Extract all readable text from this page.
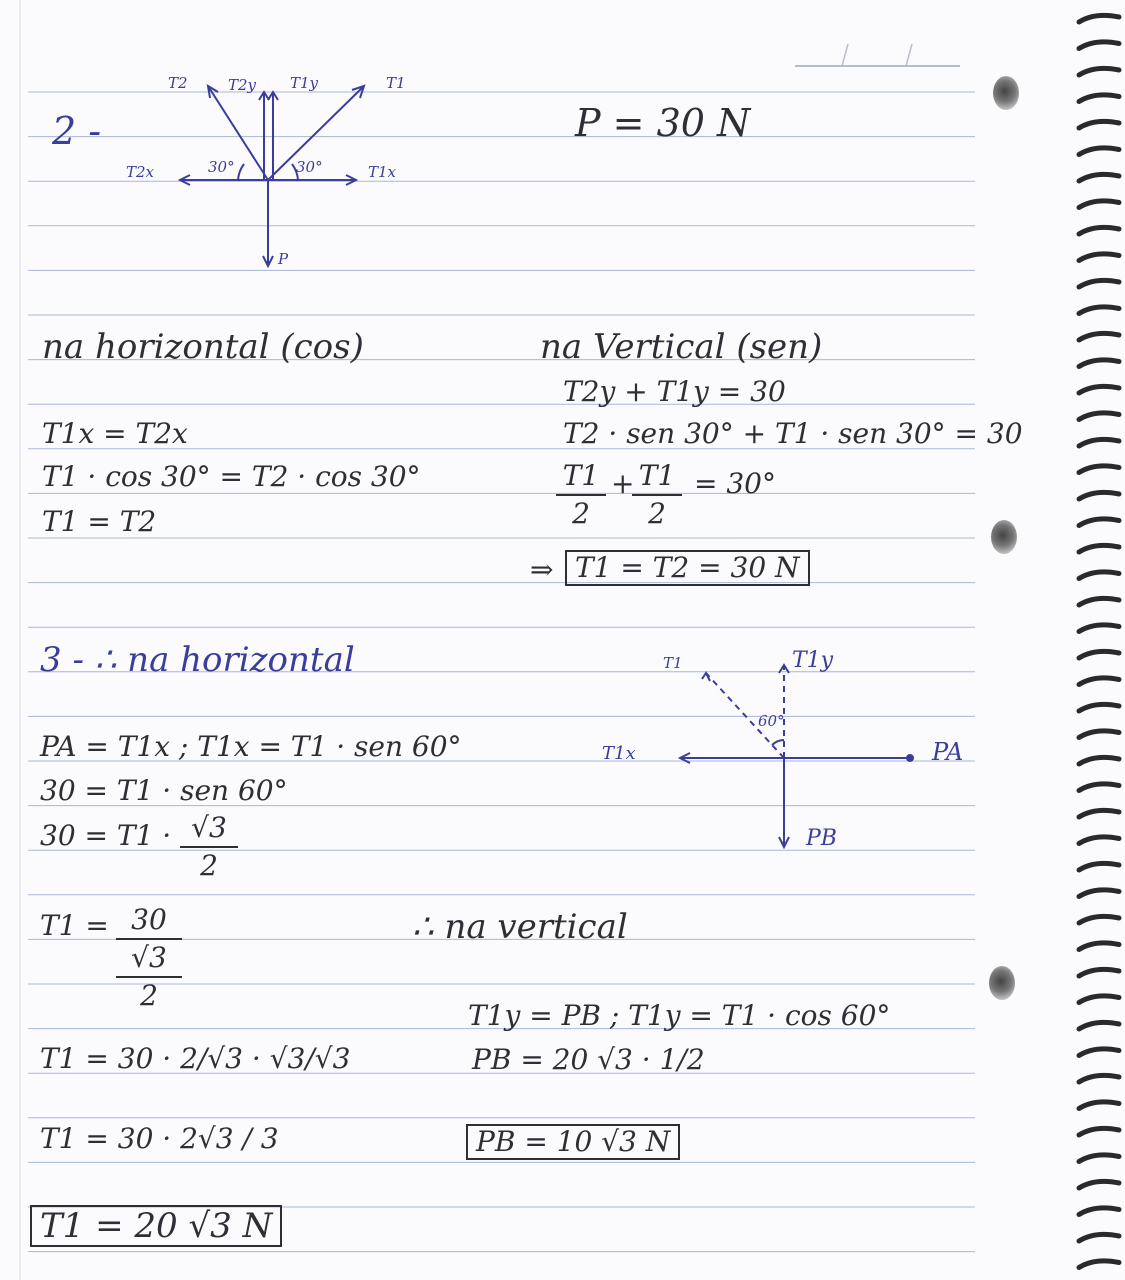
2 -
T2	T2y T1y	T1
T2x	30°	30°	T1x
P
P = 30 N
na horizontal (cos)
T1x = T2x
T1 · cos 30° = T2 · cos 30°
T1 = T2
na Vertical (sen)
T2y + T1y = 30
T2 · sen 30° + T1 · sen 30° = 30
$\frac{T1}{2}$ +
$\frac{T1}{2} = 30^\circ$
⇒ T1 = T2 = 30 N
3 - ∴ na horizontal	T1	T1y
60°
T1x	PA
PB
PA = T1x ; T1x = T1 · sen 60°
30 = T1 · sen 60°
$30 = T1 \cdot \frac{√3}{2}$
T1 = 30
√3
2
T1 = 30 · 2/√3 · √3/√3
T1 = 30 · 2√3 / 3
T1 = 20 √3 N
∴ na vertical
T1y = PB ; T1y = T1 · cos 60°
PB = 20 √3 · 1/2
PB = 10 √3 N
